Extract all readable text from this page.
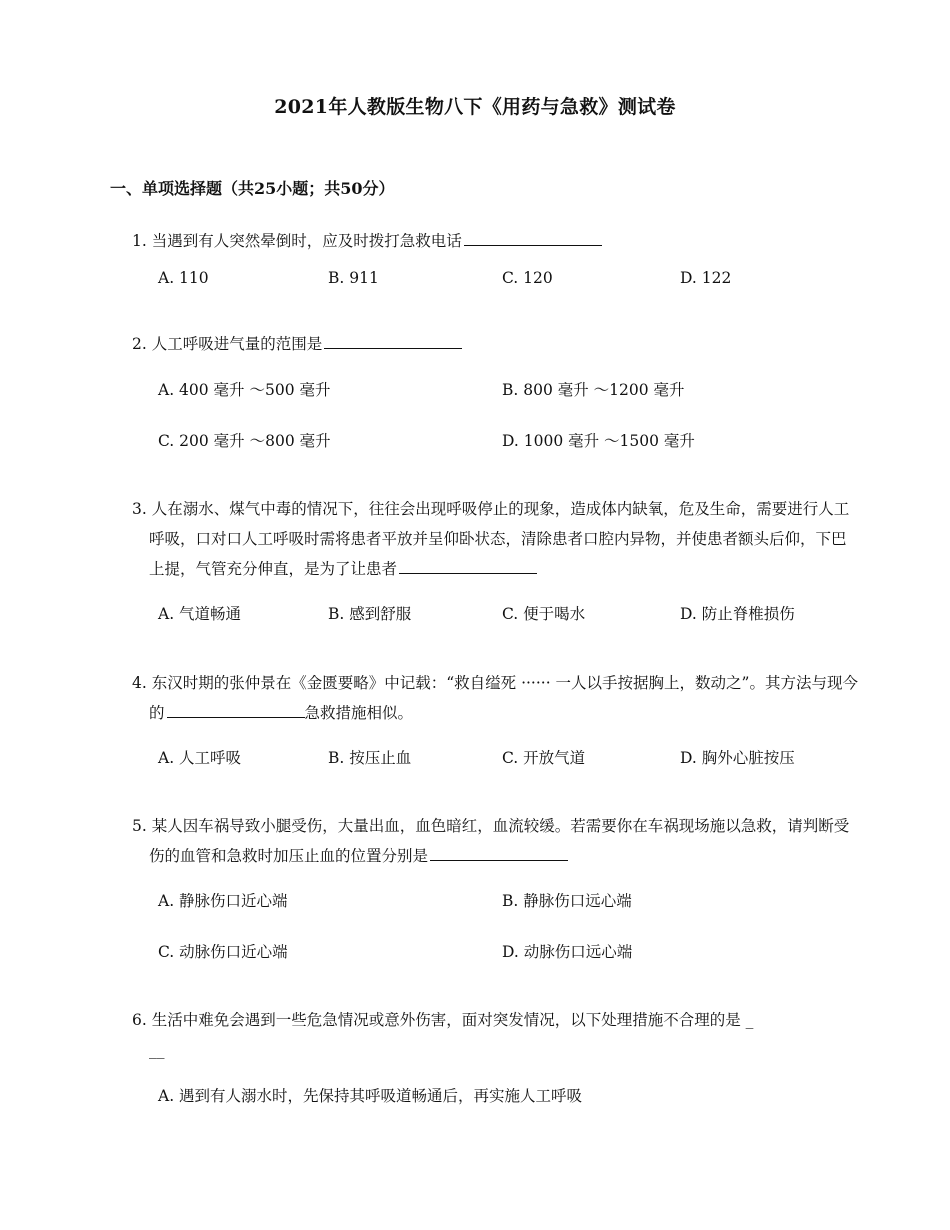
2021年人教版生物八下《用药与急救》测试卷
一、单项选择题（共25小题；共50分）
1. 当遇到有人突然晕倒时，应及时拨打急救电话
A. 110	B. 911	C. 120	D. 122
2. 人工呼吸进气量的范围是
A. 400 毫升 ～500 毫升	B. 800 毫升 ～1200 毫升
C. 200 毫升 ～800 毫升	D. 1000 毫升 ～1500 毫升
3. 人在溺水、煤气中毒的情况下，往往会出现呼吸停止的现象，造成体内缺氧，危及生命，需要进行人工呼吸，口对口人工呼吸时需将患者平放并呈仰卧状态，清除患者口腔内异物，并使患者额头后仰，下巴上提，气管充分伸直，是为了让患者
A. 气道畅通	B. 感到舒服	C. 便于喝水	D. 防止脊椎损伤
4. 东汉时期的张仲景在《金匮要略》中记载：“救自缢死 ······ 一人以手按据胸上，数动之”。其方法与现今的	急救措施相似。
A. 人工呼吸	B. 按压止血	C. 开放气道	D. 胸外心脏按压
5. 某人因车祸导致小腿受伤，大量出血，血色暗红，血流较缓。若需要你在车祸现场施以急救，请判断受伤的血管和急救时加压止血的位置分别是
A. 静脉伤口近心端	B. 静脉伤口远心端
C. 动脉伤口近心端	D. 动脉伤口远心端
6. 生活中难免会遇到一些危急情况或意外伤害，面对突发情况，以下处理措施不合理的是 _
__
A. 遇到有人溺水时，先保持其呼吸道畅通后，再实施人工呼吸
